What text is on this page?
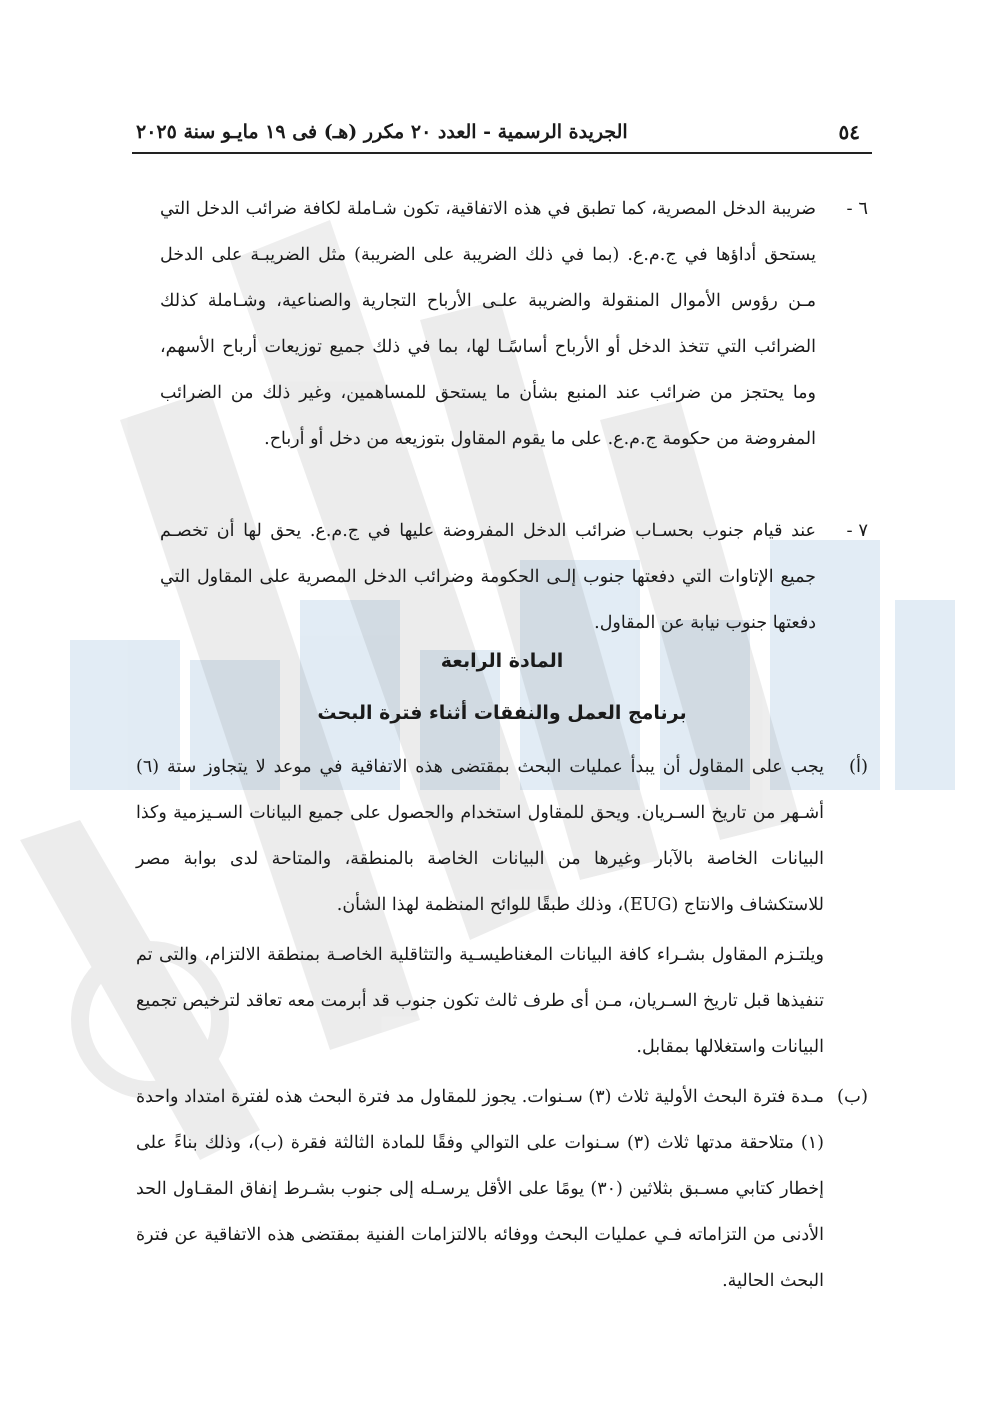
٥٤
الجريدة الرسمية - العدد ٢٠ مكرر (هـ) فى ١٩ مايـو سنة ٢٠٢٥
٦ -
ضريبة الدخل المصرية، كما تطبق في هذه الاتفاقية، تكون شـاملة لكافة ضرائب الدخل التي يستحق أداؤها في ج.م.ع. (بما في ذلك الضريبة على الضريبة) مثل الضريبـة على الدخل مـن رؤوس الأموال المنقولة والضريبة علـى الأرباح التجارية والصناعية، وشـاملة كذلك الضرائب التي تتخذ الدخل أو الأرباح أساسًـا لها، بما في ذلك جميع توزيعات أرباح الأسهم، وما يحتجز من ضرائب عند المنبع بشأن ما يستحق للمساهمين، وغير ذلك من الضرائب المفروضة من حكومة ج.م.ع. على ما يقوم المقاول بتوزيعه من دخل أو أرباح.
٧ -
عند قيام جنوب بحسـاب ضرائب الدخل المفروضة عليها في ج.م.ع. يحق لها أن تخصـم جميع الإتاوات التي دفعتها جنوب إلـى الحكومة وضرائب الدخل المصرية على المقاول التي دفعتها جنوب نيابة عن المقاول.
المادة الرابعة
برنامج العمل والنفقات أثناء فترة البحث
(أ)
يجب على المقاول أن يبدأ عمليات البحث بمقتضى هذه الاتفاقية في موعد لا يتجاوز ستة (٦) أشـهر من تاريخ السـريان. ويحق للمقاول استخدام والحصول على جميع البيانات السـيزمية وكذا البيانات الخاصة بالآبار وغيرها من البيانات الخاصة بالمنطقة، والمتاحة لدى بوابة مصر للاستكشاف والانتاج (EUG)، وذلك طبقًا للوائح المنظمة لهذا الشأن.
ويلتـزم المقاول بشـراء كافة البيانات المغناطيسـية والتثاقلية الخاصـة بمنطقة الالتزام، والتى تم تنفيذها قبل تاريخ السـريان، مـن أى طرف ثالث تكون جنوب قد أبرمت معه تعاقد لترخيص تجميع البيانات واستغلالها بمقابل.
(ب)
مـدة فترة البحث الأولية ثلاث (٣) سـنوات. يجوز للمقاول مد فترة البحث هذه لفترة امتداد واحدة (١) متلاحقة مدتها ثلاث (٣) سـنوات على التوالي وفقًا للمادة الثالثة فقرة (ب)، وذلك بناءً على إخطار كتابي مسـبق بثلاثين (٣٠) يومًا على الأقل يرسـله إلى جنوب بشـرط إنفاق المقـاول الحد الأدنى من التزاماته فـي عمليات البحث ووفائه بالالتزامات الفنية بمقتضى هذه الاتفاقية عن فترة البحث الحالية.
